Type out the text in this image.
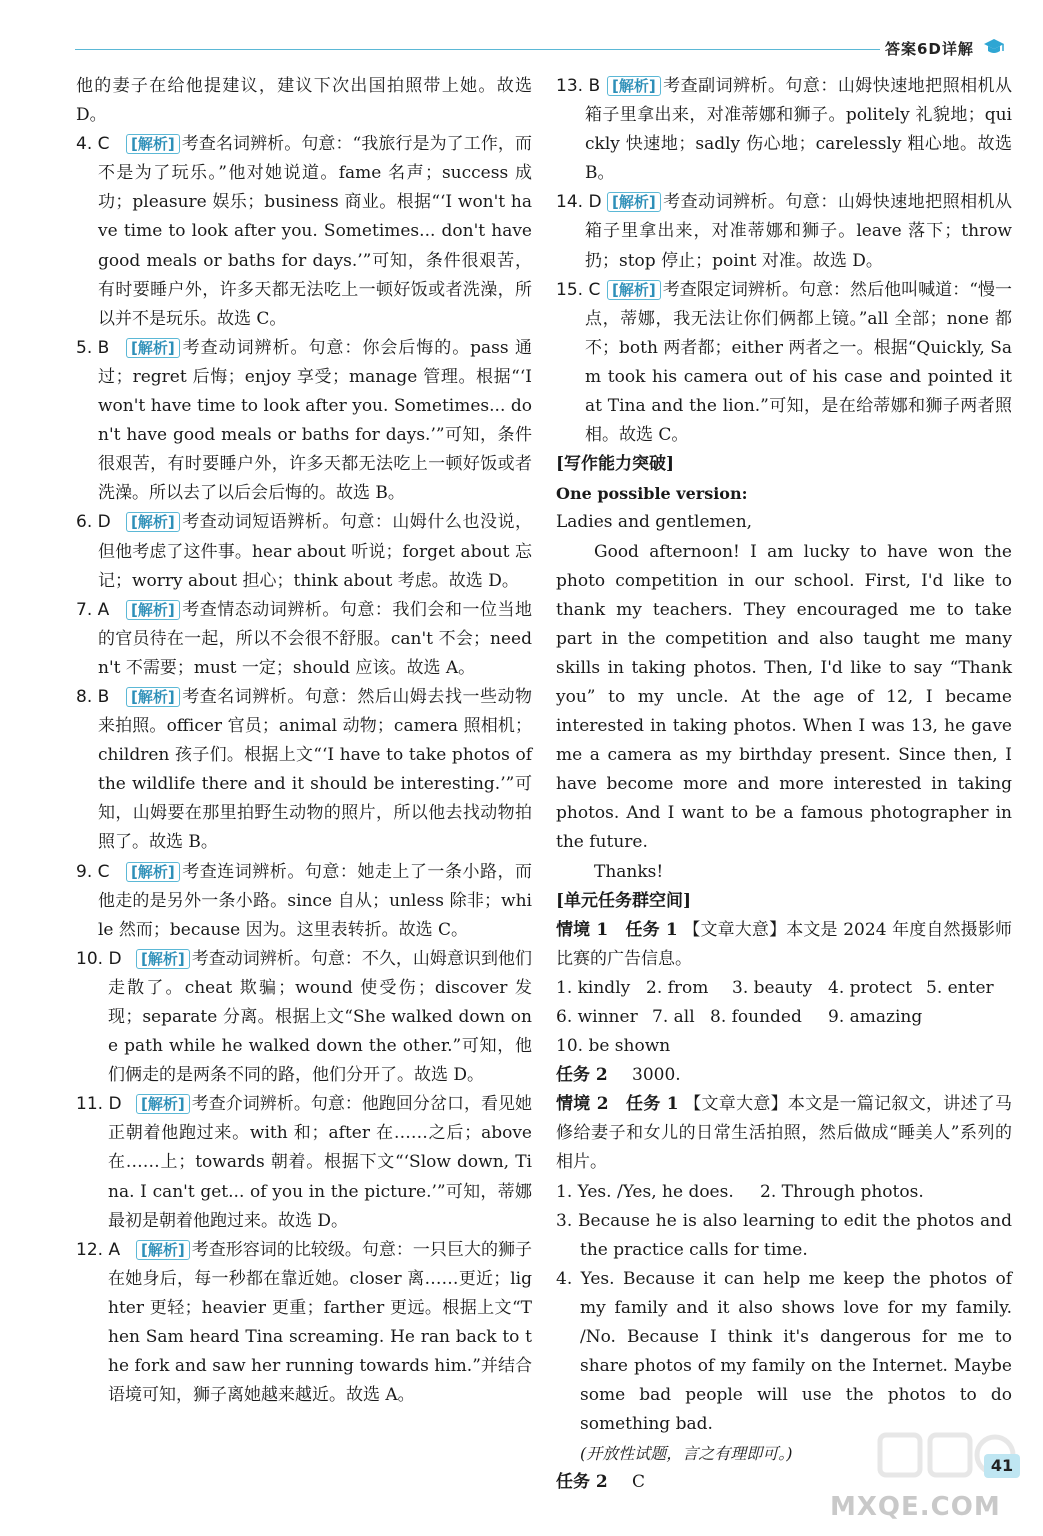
答案6D详解
他的妻子在给他提建议，建议下次出国拍照带上她。故选 D。
4. C [解析] 考查名词辨析。句意：“我旅行是为了工作，而不是为了玩乐。”他对她说道。fame 名声；success 成功；pleasure 娱乐；business 商业。根据“‘I won't have time to look after you. Sometimes... don't have good meals or baths for days.’”可知，条件很艰苦，有时要睡户外，许多天都无法吃上一顿好饭或者洗澡，所以并不是玩乐。故选 C。
5. B [解析] 考查动词辨析。句意：你会后悔的。pass 通过；regret 后悔；enjoy 享受；manage 管理。根据“‘I won't have time to look after you. Sometimes... don't have good meals or baths for days.’”可知，条件很艰苦，有时要睡户外，许多天都无法吃上一顿好饭或者洗澡。所以去了以后会后悔的。故选 B。
6. D [解析] 考查动词短语辨析。句意：山姆什么也没说，但他考虑了这件事。hear about 听说；forget about 忘记；worry about 担心；think about 考虑。故选 D。
7. A [解析] 考查情态动词辨析。句意：我们会和一位当地的官员待在一起，所以不会很不舒服。can't 不会；needn't 不需要；must 一定；should 应该。故选 A。
8. B [解析] 考查名词辨析。句意：然后山姆去找一些动物来拍照。officer 官员；animal 动物；camera 照相机；children 孩子们。根据上文“‘I have to take photos of the wildlife there and it should be interesting.’”可知，山姆要在那里拍野生动物的照片，所以他去找动物拍照了。故选 B。
9. C [解析] 考查连词辨析。句意：她走上了一条小路，而他走的是另外一条小路。since 自从；unless 除非；while 然而；because 因为。这里表转折。故选 C。
10. D [解析] 考查动词辨析。句意：不久，山姆意识到他们走散了。cheat 欺骗；wound 使受伤；discover 发现；separate 分离。根据上文“She walked down one path while he walked down the other.”可知，他们俩走的是两条不同的路，他们分开了。故选 D。
11. D [解析] 考查介词辨析。句意：他跑回分岔口，看见她正朝着他跑过来。with 和；after 在……之后；above 在……上；towards 朝着。根据下文“‘Slow down, Tina. I can't get... of you in the picture.’”可知，蒂娜最初是朝着他跑过来。故选 D。
12. A [解析] 考查形容词的比较级。句意：一只巨大的狮子在她身后，每一秒都在靠近她。closer 离……更近；lighter 更轻；heavier 更重；farther 更远。根据上文“Then Sam heard Tina screaming. He ran back to the fork and saw her running towards him.”并结合语境可知，狮子离她越来越近。故选 A。
13. B [解析] 考查副词辨析。句意：山姆快速地把照相机从箱子里拿出来，对准蒂娜和狮子。politely 礼貌地；quickly 快速地；sadly 伤心地；carelessly 粗心地。故选 B。
14. D [解析] 考查动词辨析。句意：山姆快速地把照相机从箱子里拿出来，对准蒂娜和狮子。leave 落下；throw 扔；stop 停止；point 对准。故选 D。
15. C [解析] 考查限定词辨析。句意：然后他叫喊道：“慢一点，蒂娜，我无法让你们俩都上镜。”all 全部；none 都不；both 两者都；either 两者之一。根据“Quickly, Sam took his camera out of his case and pointed it at Tina and the lion.”可知，是在给蒂娜和狮子两者照相。故选 C。
[写作能力突破]
One possible version:
Ladies and gentlemen,
Good afternoon! I am lucky to have won the photo competition in our school. First, I'd like to thank my teachers. They encouraged me to take part in the competition and also taught me many skills in taking photos. Then, I'd like to say “Thank you” to my uncle. At the age of 12, I became interested in taking photos. When I was 13, he gave me a camera as my birthday present. Since then, I have become more and more interested in taking photos. And I want to be a famous photographer in the future.
Thanks!
[单元任务群空间]
情境 1　任务 1 【文章大意】本文是 2024 年度自然摄影师比赛的广告信息。
1. kindly 2. from	3. beauty 4. protect 5. enter
6. winner 7. all 8. founded	9. amazing
10. be shown
任务 2	3000.
情境 2　任务 1 【文章大意】本文是一篇记叙文，讲述了马修给妻子和女儿的日常生活拍照，然后做成“睡美人”系列的相片。
1. Yes. /Yes, he does.	2. Through photos.
3. Because he is also learning to edit the photos and the practice calls for time.
4. Yes. Because it can help me keep the photos of my family and it also shows love for my family. /No. Because I think it's dangerous for me to share photos of my family on the Internet. Maybe some bad people will use the photos to do something bad.
(开放性试题，言之有理即可。)
任务 2	C
MXQE.COM
41
